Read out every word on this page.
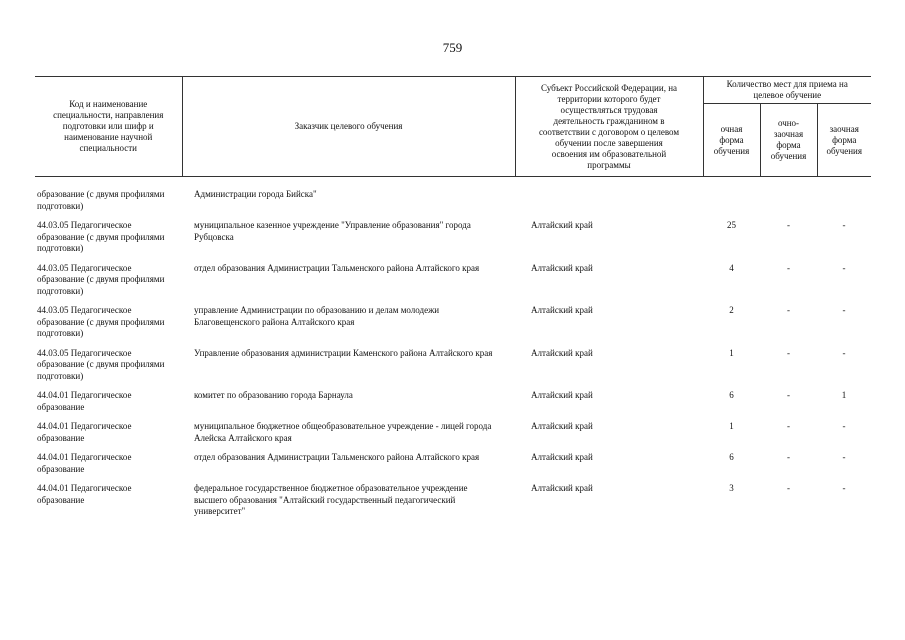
759
Код и наименование специальности, направления подготовки или шифр и наименование научной специальности	Заказчик целевого обучения	Субъект Российской Федерации, на территории которого будет осуществляться трудовая деятельность гражданином в соответствии с договором о целевом обучении после завершения освоения им образовательной программы	Количество мест для приема на целевое обучение		
			очная форма обучения	очно-заочная форма обучения	заочная форма обучения
образование (с двумя профилями подготовки)	Администрации города Бийска"				
44.03.05 Педагогическое образование (с двумя профилями подготовки)	муниципальное казенное учреждение "Управление образования" города Рубцовска	Алтайский край	25	-	-
44.03.05 Педагогическое образование (с двумя профилями подготовки)	отдел образования Администрации Тальменского района Алтайского края	Алтайский край	4	-	-
44.03.05 Педагогическое образование (с двумя профилями подготовки)	управление Администрации по образованию и делам молодежи Благовещенского района Алтайского края	Алтайский край	2	-	-
44.03.05 Педагогическое образование (с двумя профилями подготовки)	Управление образования администрации Каменского района Алтайского края	Алтайский край	1	-	-
44.04.01 Педагогическое образование	комитет по образованию города Барнаула	Алтайский край	6	-	1
44.04.01 Педагогическое образование	муниципальное бюджетное общеобразовательное учреждение - лицей города Алейска Алтайского края	Алтайский край	1	-	-
44.04.01 Педагогическое образование	отдел образования Администрации Тальменского района Алтайского края	Алтайский край	6	-	-
44.04.01 Педагогическое образование	федеральное государственное бюджетное образовательное учреждение высшего образования "Алтайский государственный педагогический университет"	Алтайский край	3	-	-
